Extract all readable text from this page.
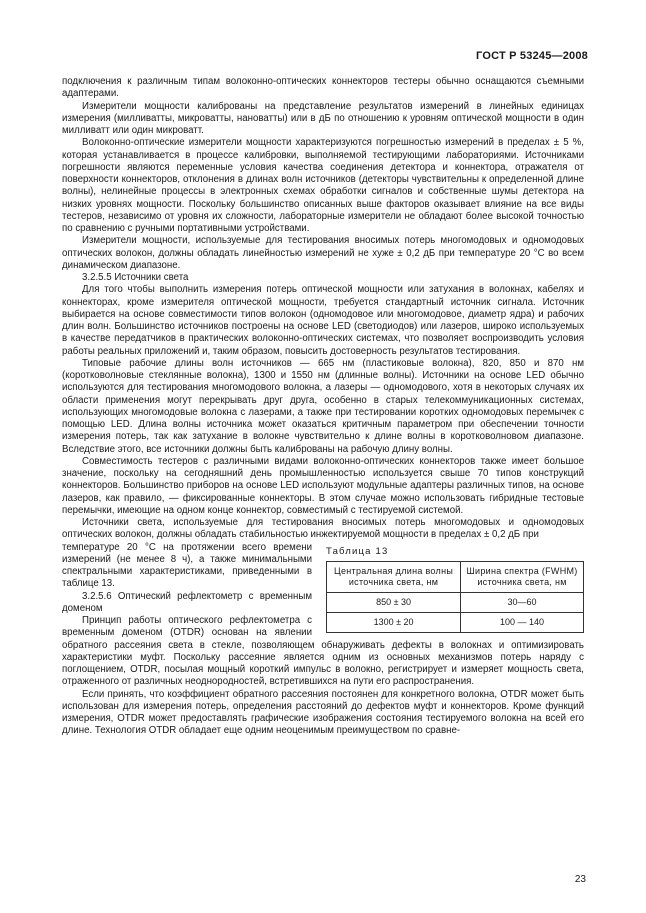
ГОСТ Р 53245—2008

подключения к различным типам волоконно-оптических коннекторов тестеры обычно оснащаются съемными адаптерами.

Измерители мощности калиброваны на представление результатов измерений в линейных единицах измерения (милливатты, микроватты, нановатты) или в дБ по отношению к уровням оптической мощности в один милливатт или один микроватт.

Волоконно-оптические измерители мощности характеризуются погрешностью измерений в пределах ± 5 %, которая устанавливается в процессе калибровки, выполняемой тестирующими лабораториями. Источниками погрешности являются переменные условия качества соединения детектора и коннектора, отражателя от поверхности коннекторов, отклонения в длинах волн источников (детекторы чувствительны к определенной длине волны), нелинейные процессы в электронных схемах обработки сигналов и собственные шумы детектора на низких уровнях мощности. Поскольку большинство описанных выше факторов оказывает влияние на все виды тестеров, независимо от уровня их сложности, лабораторные измерители не обладают более высокой точностью по сравнению с ручными портативными устройствами.

Измерители мощности, используемые для тестирования вносимых потерь многомодовых и одномодовых оптических волокон, должны обладать линейностью измерений не хуже ± 0,2 дБ при температуре 20 °С во всем динамическом диапазоне.

3.2.5.5 Источники света

Для того чтобы выполнить измерения потерь оптической мощности или затухания в волокнах, кабелях и коннекторах, кроме измерителя оптической мощности, требуется стандартный источник сигнала. Источник выбирается на основе совместимости типов волокон (одномодовое или многомодовое, диаметр ядра) и рабочих длин волн. Большинство источников построены на основе LED (светодиодов) или лазеров, широко используемых в качестве передатчиков в практических волоконно-оптических системах, что позволяет воспроизводить условия работы реальных приложений и, таким образом, повысить достоверность результатов тестирования.

Типовые рабочие длины волн источников — 665 нм (пластиковые волокна), 820, 850 и 870 нм (коротковолновые стеклянные волокна), 1300 и 1550 нм (длинные волны). Источники на основе LED обычно используются для тестирования многомодового волокна, а лазеры — одномодового, хотя в некоторых случаях их области применения могут перекрывать друг друга, особенно в старых телекоммуникационных системах, использующих многомодовые волокна с лазерами, а также при тестировании коротких одномодовых перемычек с помощью LED. Длина волны источника может оказаться критичным параметром при обеспечении точности измерения потерь, так как затухание в волокне чувствительно к длине волны в коротковолновом диапазоне. Вследствие этого, все источники должны быть калиброваны на рабочую длину волны.

Совместимость тестеров с различными видами волоконно-оптических коннекторов также имеет большое значение, поскольку на сегодняшний день промышленностью используется свыше 70 типов конструкций коннекторов. Большинство приборов на основе LED используют модульные адаптеры различных типов, на основе лазеров, как правило, — фиксированные коннекторы. В этом случае можно использовать гибридные тестовые перемычки, имеющие на одном конце коннектор, совместимый с тестируемой системой.

Источники света, используемые для тестирования вносимых потерь многомодовых и одномодовых оптических волокон, должны обладать стабильностью инжектируемой мощности в пределах ± 0,2 дБ при

Таблица 13
Центральная длина волны источника света, нм	Ширина спектра (FWHM) источника света, нм
850 ± 30	30—60
1300 ± 20	100 — 140

температуре 20 °С на протяжении всего времени измерений (не менее 8 ч), а также минимальными спектральными характеристиками, приведенными в таблице 13.

3.2.5.6 Оптический рефлектометр с временным доменом

Принцип работы оптического рефлектометра с временным доменом (OTDR) основан на явлении обратного рассеяния света в стекле, позволяющем обнаруживать дефекты в волокнах и оптимизировать характеристики муфт. Поскольку рассеяние является одним из основных механизмов потерь наряду с поглощением, OTDR, посылая мощный короткий импульс в волокно, регистрирует и измеряет мощность света, отраженного от различных неоднородностей, встретившихся на пути его распространения.

Если принять, что коэффициент обратного рассеяния постоянен для конкретного волокна, OTDR может быть использован для измерения потерь, определения расстояний до дефектов муфт и коннекторов. Кроме функций измерения, OTDR может предоставлять графические изображения состояния тестируемого волокна на всей его длине. Технология OTDR обладает еще одним неоценимым преимуществом по сравне-

23
